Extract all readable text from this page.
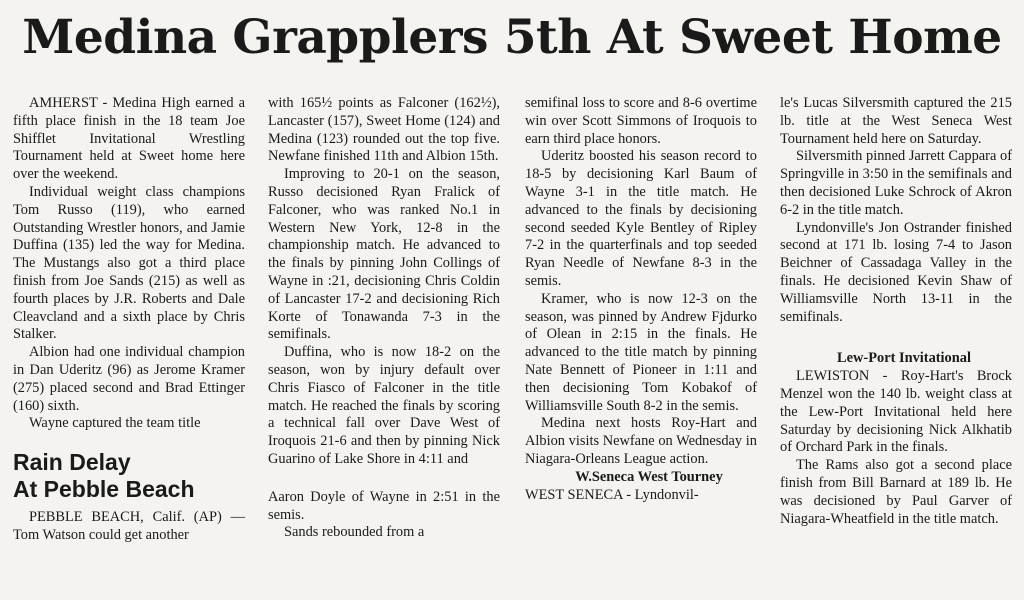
Medina Grapplers 5th At Sweet Home

AMHERST - Medina High earned a fifth place finish in the 18 team Joe Shifflet Invitational Wrestling Tournament held at Sweet home here over the weekend.

Individual weight class champions Tom Russo (119), who earned Outstanding Wrestler honors, and Jamie Duffina (135) led the way for Medina. The Mustangs also got a third place finish from Joe Sands (215) as well as fourth places by J.R. Roberts and Dale Cleavcland and a sixth place by Chris Stalker.

Albion had one individual champion in Dan Uderitz (96) as Jerome Kramer (275) placed second and Brad Ettinger (160) sixth.

Wayne captured the team title

Rain Delay
At Pebble Beach

PEBBLE BEACH, Calif. (AP) — Tom Watson could get another

with 165½ points as Falconer (162½), Lancaster (157), Sweet Home (124) and Medina (123) rounded out the top five. Newfane finished 11th and Albion 15th.

Improving to 20-1 on the season, Russo decisioned Ryan Fralick of Falconer, who was ranked No.1 in Western New York, 12-8 in the championship match. He advanced to the finals by pinning John Collings of Wayne in :21, decisioning Chris Coldin of Lancaster 17-2 and decisioning Rich Korte of Tonawanda 7-3 in the semifinals.

Duffina, who is now 18-2 on the season, won by injury default over Chris Fiasco of Falconer in the title match. He reached the finals by scoring a technical fall over Dave West of Iroquois 21-6 and then by pinning Nick Guarino of Lake Shore in 4:11 and

Aaron Doyle of Wayne in 2:51 in the semis.

Sands rebounded from a

semifinal loss to score and 8-6 overtime win over Scott Simmons of Iroquois to earn third place honors.

Uderitz boosted his season record to 18-5 by decisioning Karl Baum of Wayne 3-1 in the title match. He advanced to the finals by decisioning second seeded Kyle Bentley of Ripley 7-2 in the quarterfinals and top seeded Ryan Needle of Newfane 8-3 in the semis.

Kramer, who is now 12-3 on the season, was pinned by Andrew Fjdurko of Olean in 2:15 in the finals. He advanced to the title match by pinning Nate Bennett of Pioneer in 1:11 and then decisioning Tom Kobakof of Williamsville South 8-2 in the semis.

Medina next hosts Roy-Hart and Albion visits Newfane on Wednesday in Niagara-Orleans League action.

W.Seneca West Tourney

WEST SENECA - Lyndonvil-

le's Lucas Silversmith captured the 215 lb. title at the West Seneca West Tournament held here on Saturday.

Silversmith pinned Jarrett Cappara of Springville in 3:50 in the semifinals and then decisioned Luke Schrock of Akron 6-2 in the title match.

Lyndonville's Jon Ostrander finished second at 171 lb. losing 7-4 to Jason Beichner of Cassadaga Valley in the finals. He decisioned Kevin Shaw of Williamsville North 13-11 in the semifinals.

Lew-Port Invitational

LEWISTON - Roy-Hart's Brock Menzel won the 140 lb. weight class at the Lew-Port Invitational held here Saturday by decisioning Nick Alkhatib of Orchard Park in the finals.

The Rams also got a second place finish from Bill Barnard at 189 lb. He was decisioned by Paul Garver of Niagara-Wheatfield in the title match.
